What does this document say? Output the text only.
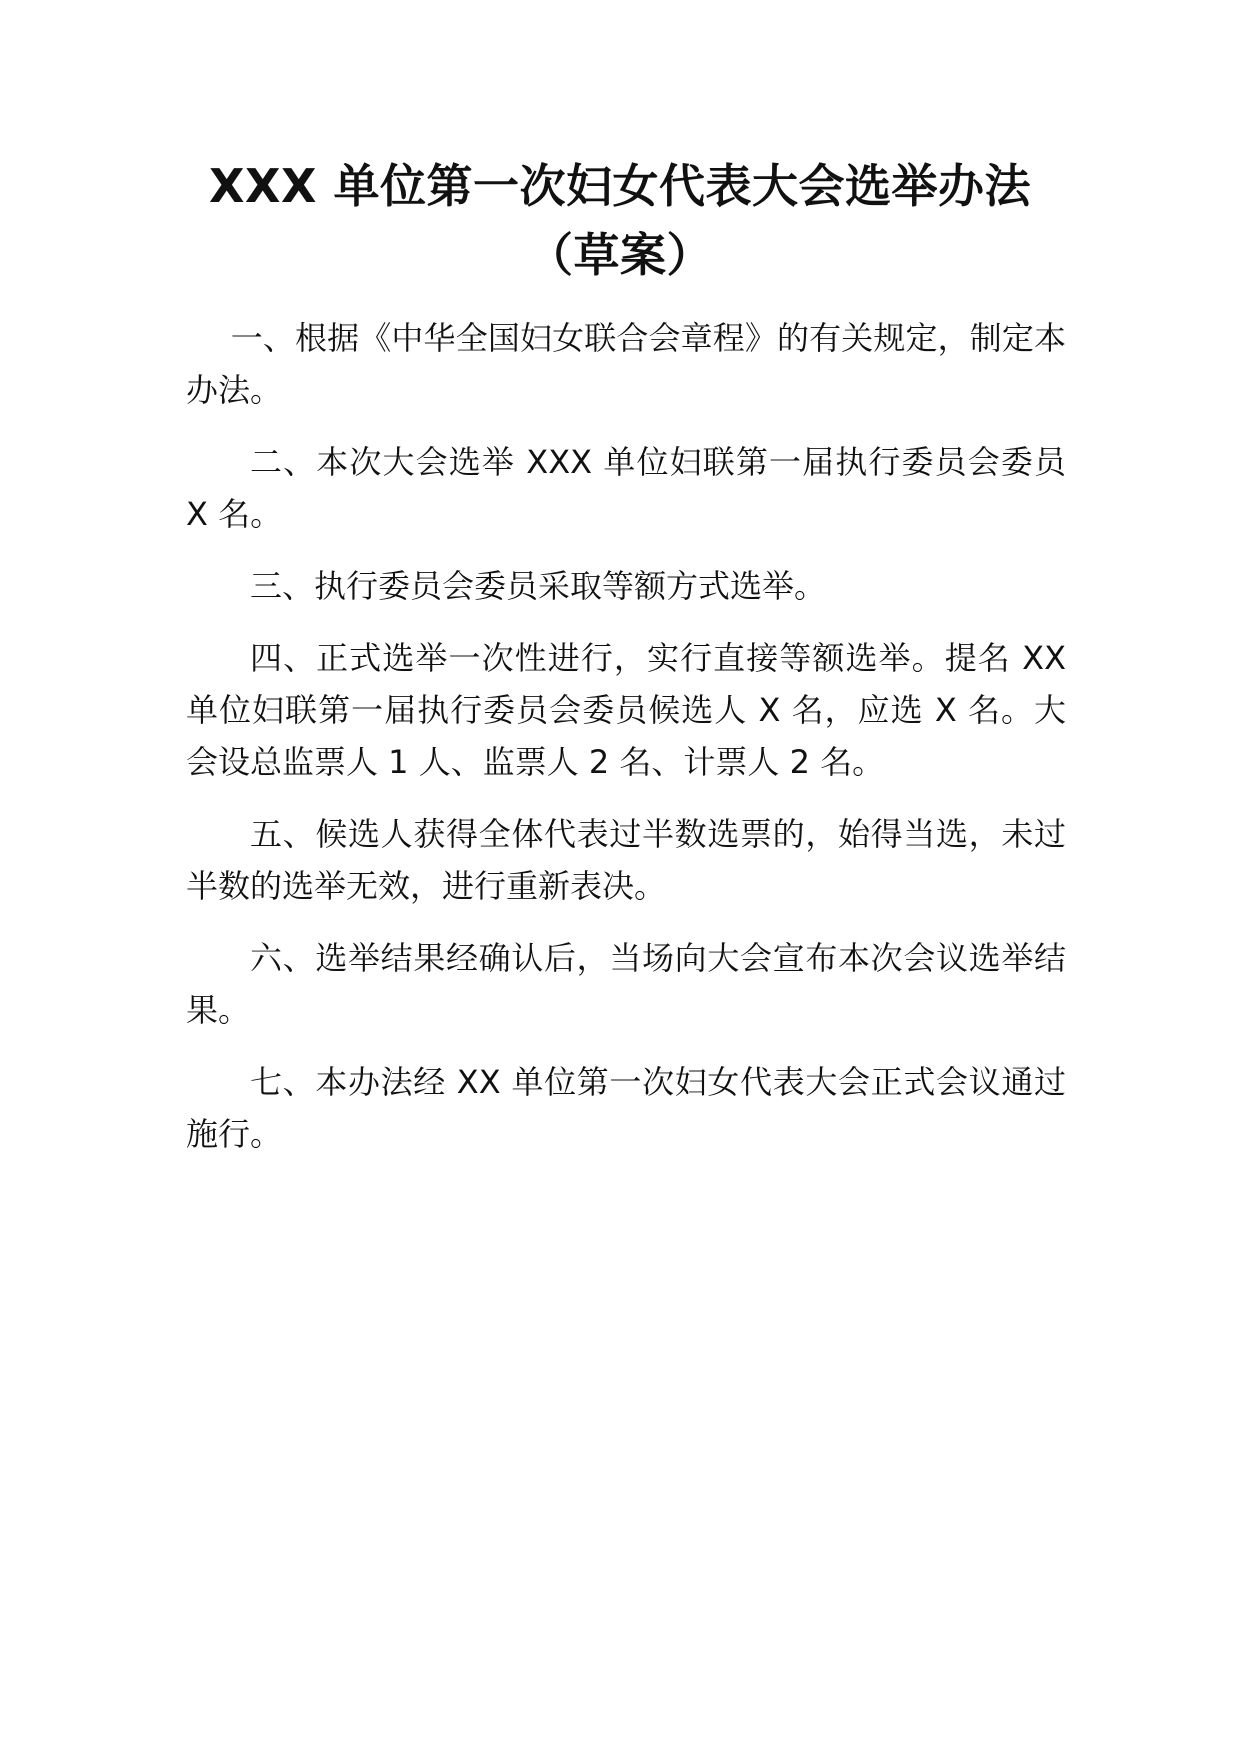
XXX 单位第一次妇女代表大会选举办法
（草案）

一、根据《中华全国妇女联合会章程》的有关规定，制定本办法。

二、本次大会选举 XXX 单位妇联第一届执行委员会委员 X 名。

三、执行委员会委员采取等额方式选举。

四、正式选举一次性进行，实行直接等额选举。提名 XX 单位妇联第一届执行委员会委员候选人 X 名，应选 X 名。大会设总监票人 1 人、监票人 2 名、计票人 2 名。

五、候选人获得全体代表过半数选票的，始得当选，未过半数的选举无效，进行重新表决。

六、选举结果经确认后，当场向大会宣布本次会议选举结果。

七、本办法经 XX 单位第一次妇女代表大会正式会议通过施行。
